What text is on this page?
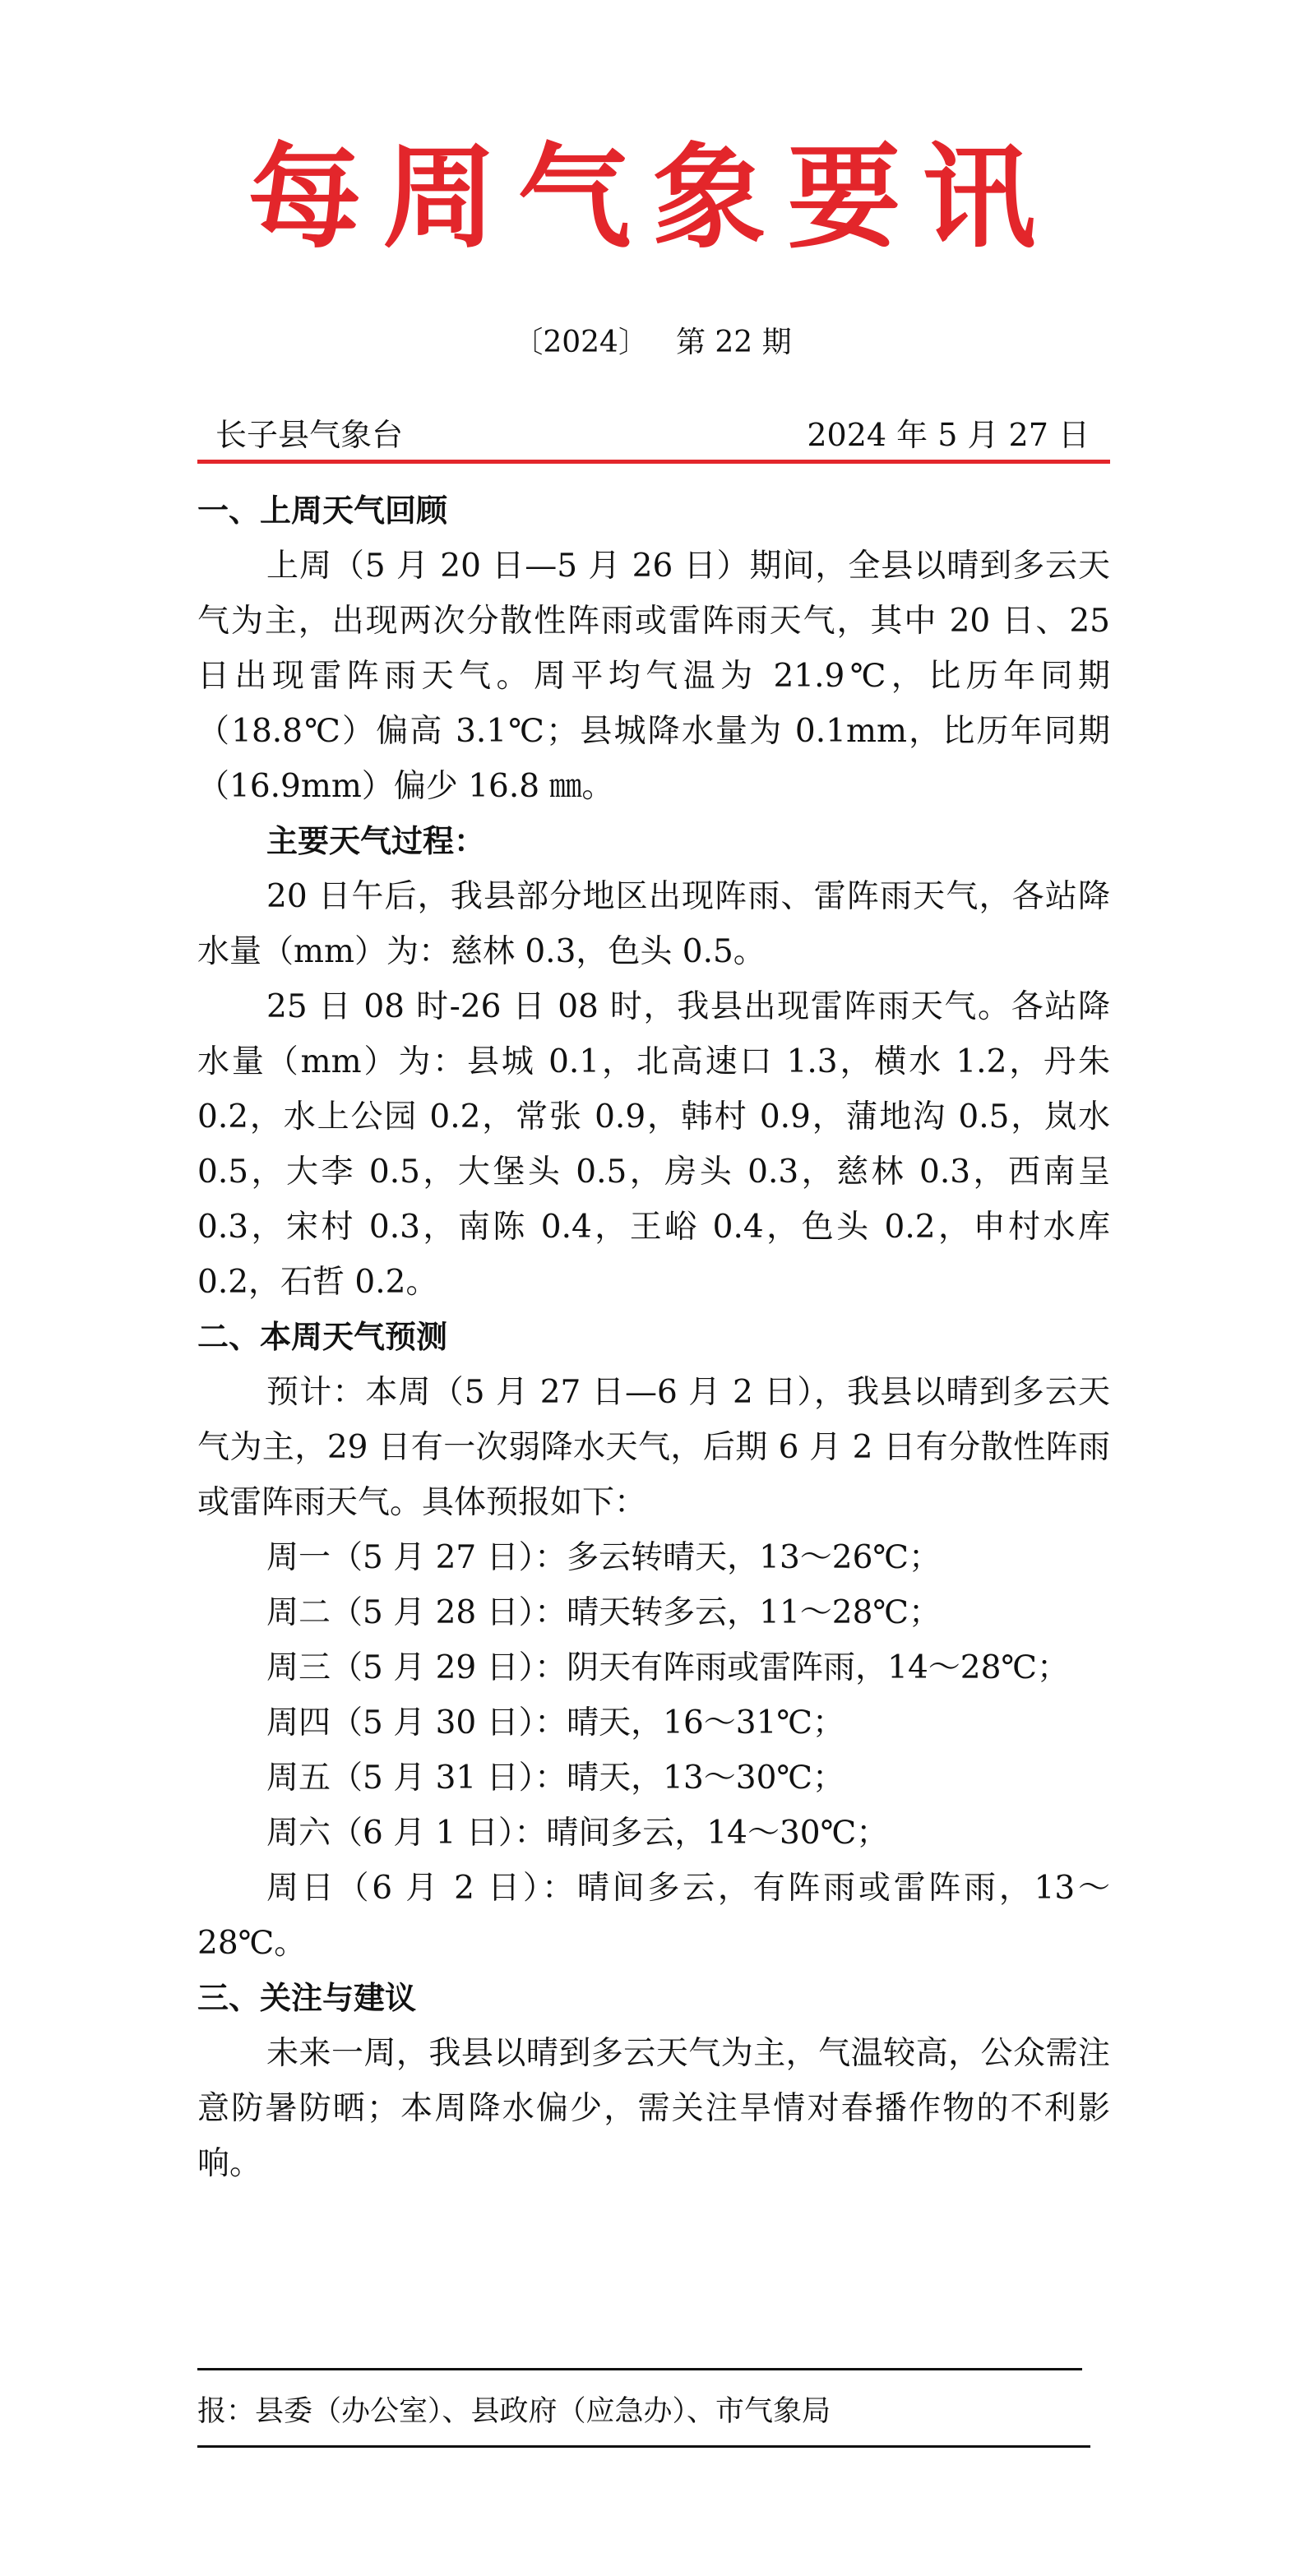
每周气象要讯
〔2024〕 第 22 期
长子县气象台	2024 年 5 月 27 日

一、上周天气回顾

上周（5 月 20 日—5 月 26 日）期间，全县以晴到多云天气为主，出现两次分散性阵雨或雷阵雨天气，其中 20 日、25 日出现雷阵雨天气。周平均气温为 21.9℃，比历年同期（18.8℃）偏高 3.1℃；县城降水量为 0.1mm，比历年同期（16.9mm）偏少 16.8 ㎜。

主要天气过程：

20 日午后，我县部分地区出现阵雨、雷阵雨天气，各站降水量（mm）为：慈林 0.3，色头 0.5。

25 日 08 时-26 日 08 时，我县出现雷阵雨天气。各站降水量（mm）为：县城 0.1，北高速口 1.3，横水 1.2，丹朱 0.2，水上公园 0.2，常张 0.9，韩村 0.9，蒲地沟 0.5，岚水 0.5，大李 0.5，大堡头 0.5，房头 0.3，慈林 0.3，西南呈 0.3，宋村 0.3，南陈 0.4，王峪 0.4，色头 0.2，申村水库 0.2，石哲 0.2。

二、本周天气预测

预计：本周（5 月 27 日—6 月 2 日），我县以晴到多云天气为主，29 日有一次弱降水天气，后期 6 月 2 日有分散性阵雨或雷阵雨天气。具体预报如下：

周一（5 月 27 日）：多云转晴天，13～26℃；

周二（5 月 28 日）：晴天转多云，11～28℃；

周三（5 月 29 日）：阴天有阵雨或雷阵雨，14～28℃；

周四（5 月 30 日）：晴天，16～31℃；

周五（5 月 31 日）：晴天，13～30℃；

周六（6 月 1 日）：晴间多云，14～30℃；

周日（6 月 2 日）：晴间多云，有阵雨或雷阵雨，13～28℃。

三、关注与建议

未来一周，我县以晴到多云天气为主，气温较高，公众需注意防暑防晒；本周降水偏少，需关注旱情对春播作物的不利影响。

报：县委（办公室）、县政府（应急办）、市气象局
